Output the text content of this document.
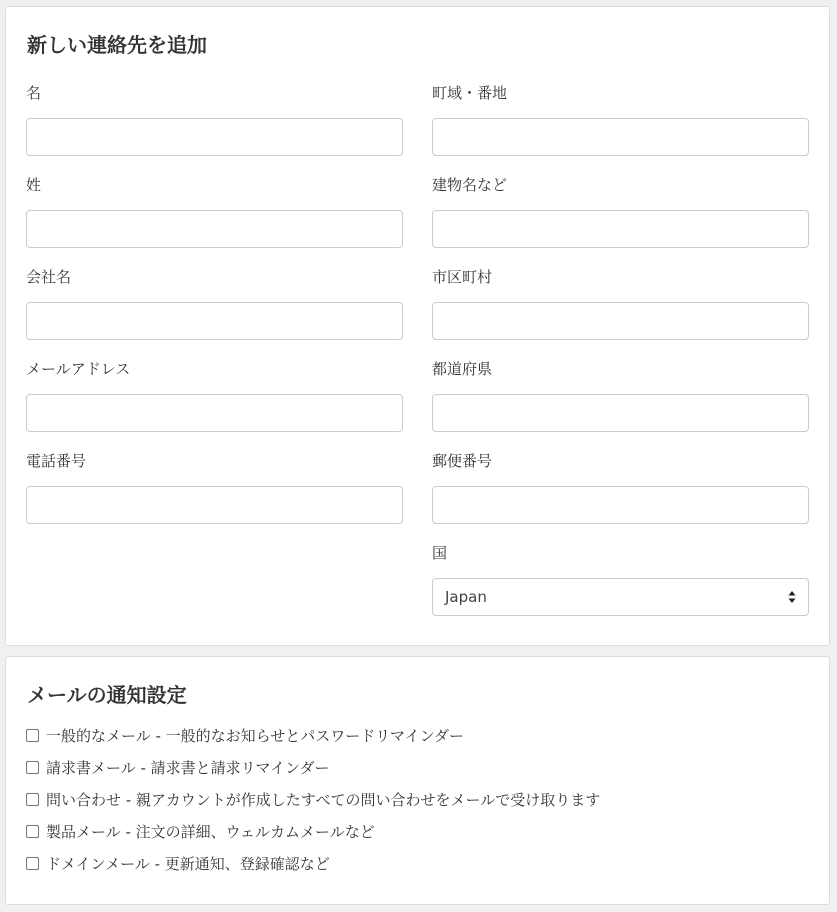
新しい連絡先を追加
名
姓
会社名
メールアドレス
電話番号
町域・番地
建物名など
市区町村
都道府県
郵便番号
国
Japan
メールの通知設定
一般的なメール - 一般的なお知らせとパスワードリマインダー
請求書メール - 請求書と請求リマインダー
問い合わせ - 親アカウントが作成したすべての問い合わせをメールで受け取ります
製品メール - 注文の詳細、ウェルカムメールなど
ドメインメール - 更新通知、登録確認など
